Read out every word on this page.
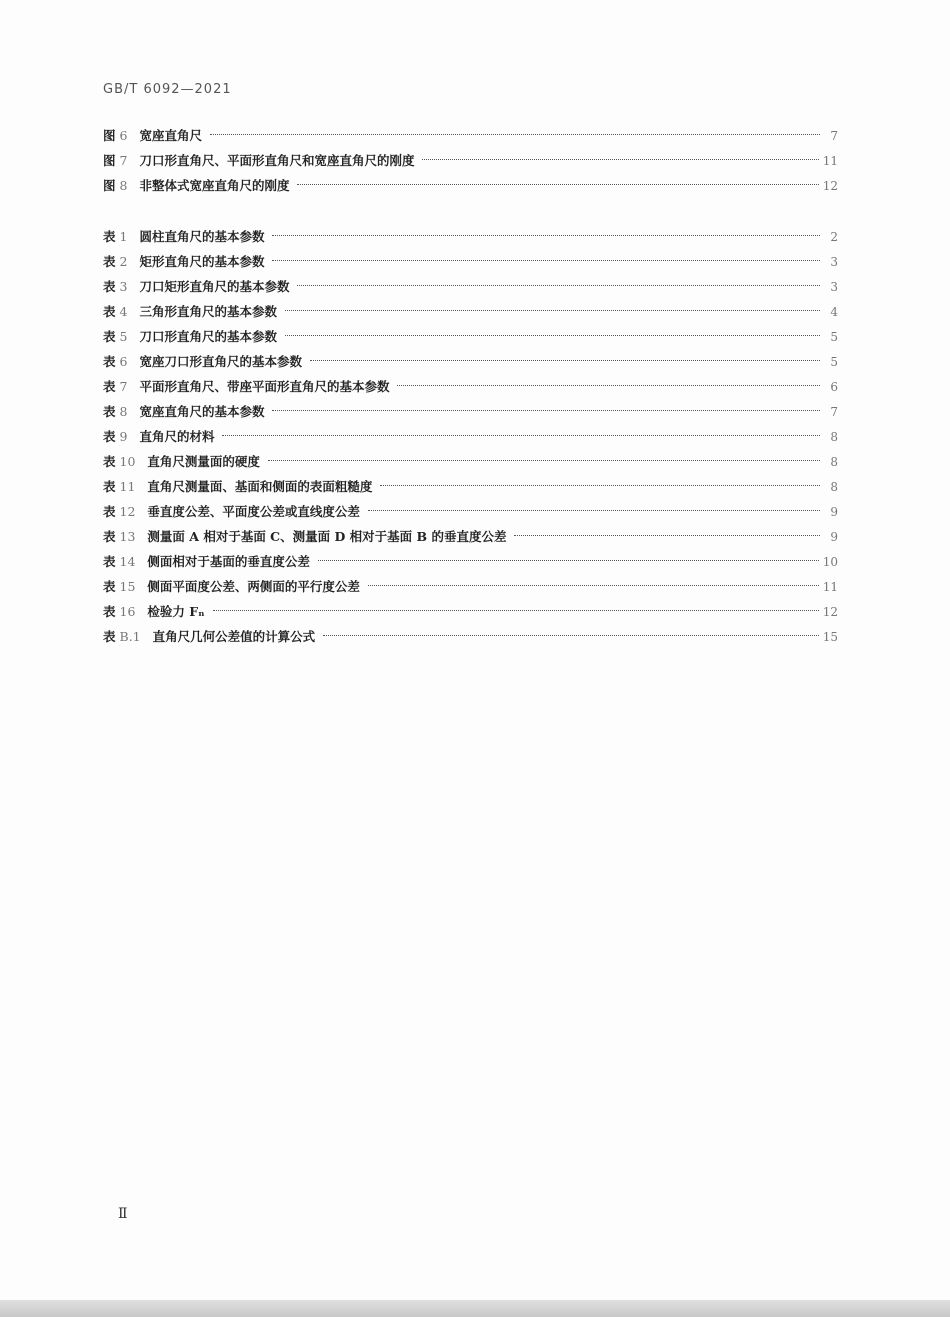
GB/T 6092—2021
图 6 宽座直角尺	7
图 7 刀口形直角尺、平面形直角尺和宽座直角尺的刚度	11
图 8 非整体式宽座直角尺的刚度	12
表 1 圆柱直角尺的基本参数	2
表 2 矩形直角尺的基本参数	3
表 3 刀口矩形直角尺的基本参数	3
表 4 三角形直角尺的基本参数	4
表 5 刀口形直角尺的基本参数	5
表 6 宽座刀口形直角尺的基本参数	5
表 7 平面形直角尺、带座平面形直角尺的基本参数	6
表 8 宽座直角尺的基本参数	7
表 9 直角尺的材料	8
表 10 直角尺测量面的硬度	8
表 11 直角尺测量面、基面和侧面的表面粗糙度	8
表 12 垂直度公差、平面度公差或直线度公差	9
表 13 测量面 A 相对于基面 C、测量面 D 相对于基面 B 的垂直度公差	9
表 14 侧面相对于基面的垂直度公差	10
表 15 侧面平面度公差、两侧面的平行度公差	11
表 16 检验力 Fₙ	12
表 B.1 直角尺几何公差值的计算公式	15
Ⅱ
